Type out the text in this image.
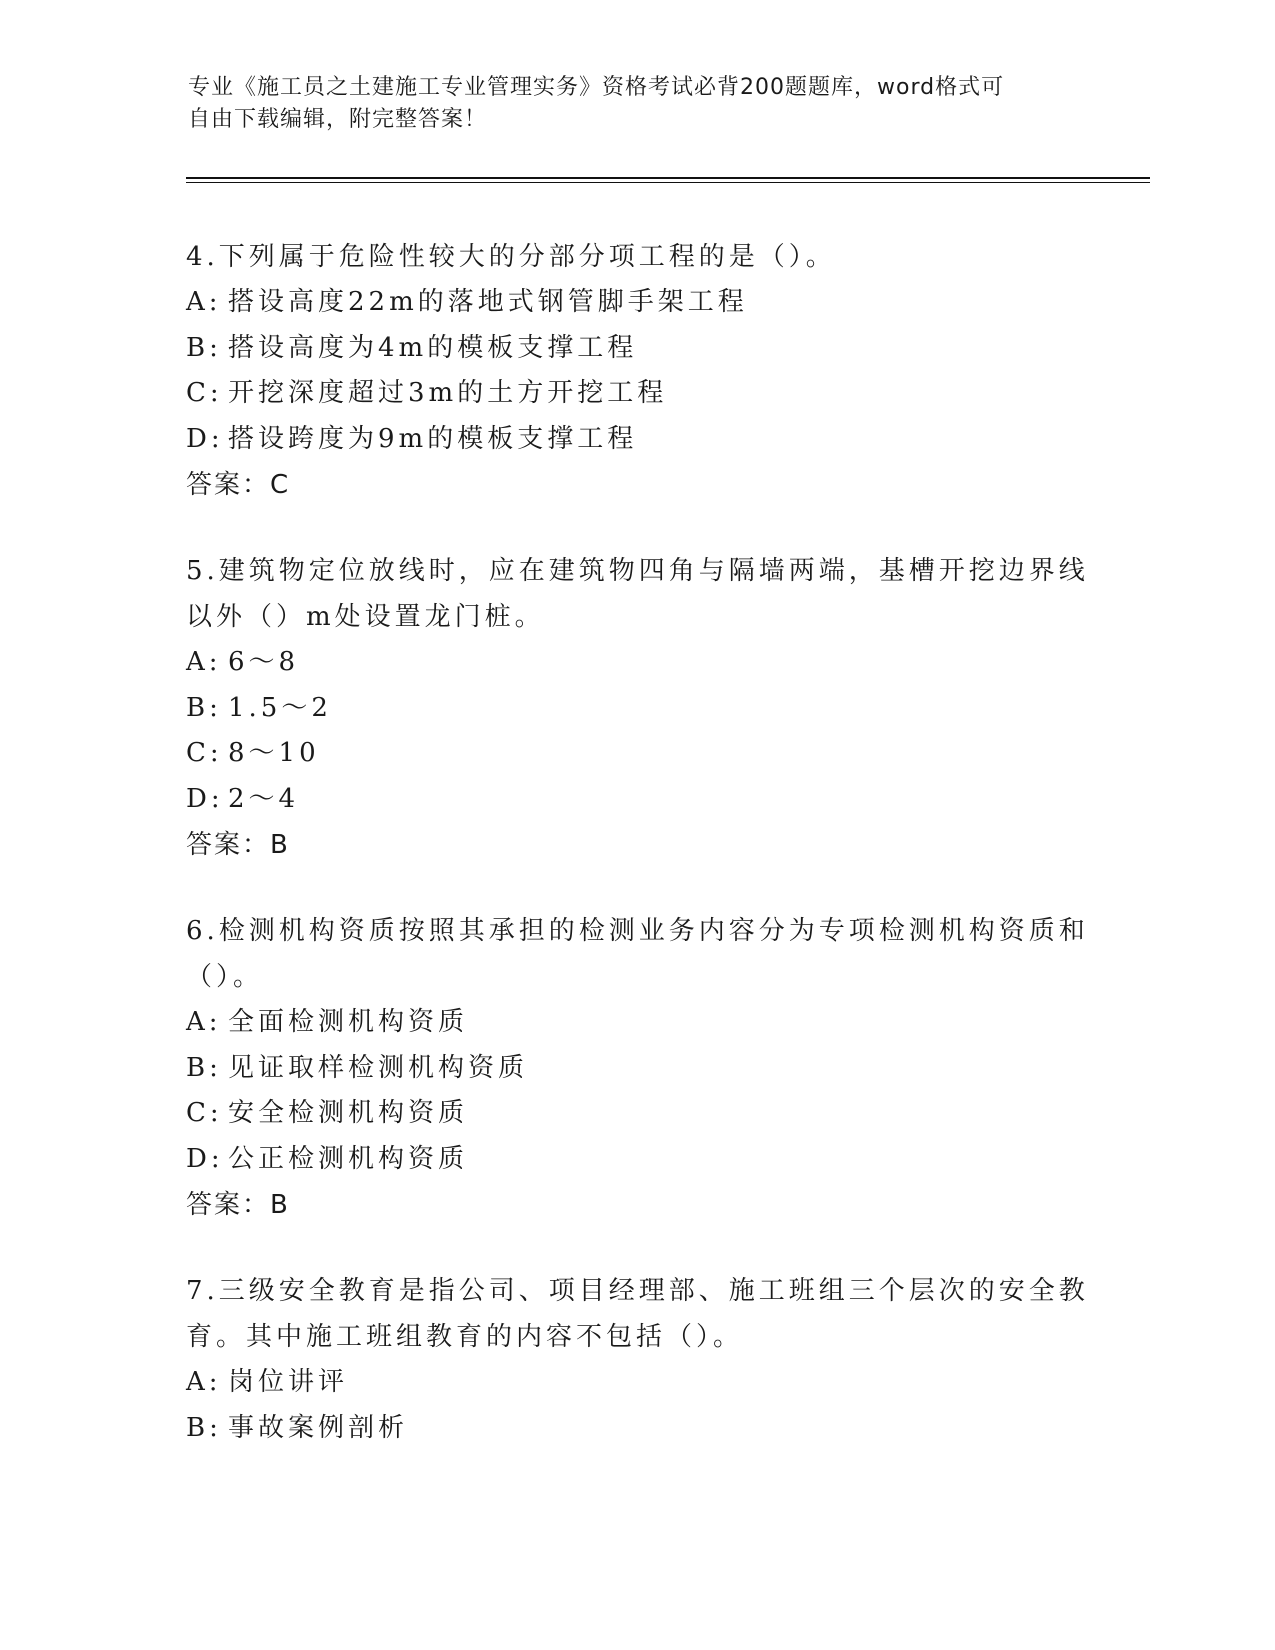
专业《施工员之土建施工专业管理实务》资格考试必背200题题库，word格式可
自由下载编辑，附完整答案！
4.下列属于危险性较大的分部分项工程的是（）。
A: 搭设高度22m的落地式钢管脚手架工程
B: 搭设高度为4m的模板支撑工程
C: 开挖深度超过3m的土方开挖工程
D: 搭设跨度为9m的模板支撑工程
答案：C
5.建筑物定位放线时，应在建筑物四角与隔墙两端，基槽开挖边界线
以外（）m处设置龙门桩。
A: 6～8
B: 1.5～2
C: 8～10
D: 2～4
答案：B
6.检测机构资质按照其承担的检测业务内容分为专项检测机构资质和
（）。
A: 全面检测机构资质
B: 见证取样检测机构资质
C: 安全检测机构资质
D: 公正检测机构资质
答案：B
7.三级安全教育是指公司、项目经理部、施工班组三个层次的安全教
育。其中施工班组教育的内容不包括（）。
A: 岗位讲评
B: 事故案例剖析
